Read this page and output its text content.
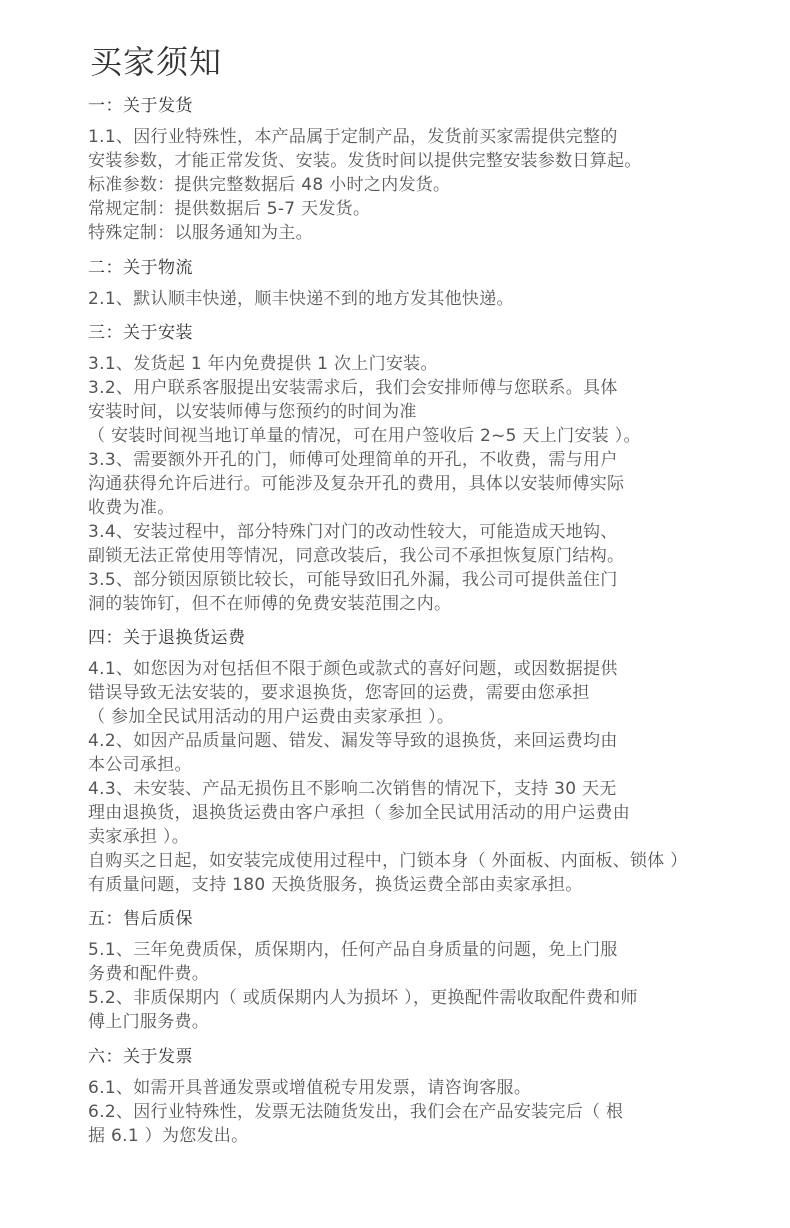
买家须知
一：关于发货
1.1、因行业特殊性，本产品属于定制产品，发货前买家需提供完整的
安装参数，才能正常发货、安装。发货时间以提供完整安装参数日算起。
标准参数：提供完整数据后 48 小时之内发货。
常规定制：提供数据后 5-7 天发货。
特殊定制：以服务通知为主。
二：关于物流
2.1、默认顺丰快递，顺丰快递不到的地方发其他快递。
三：关于安装
3.1、发货起 1 年内免费提供 1 次上门安装。
3.2、用户联系客服提出安装需求后，我们会安排师傅与您联系。具体
安装时间，以安装师傅与您预约的时间为准
（ 安装时间视当地订单量的情况，可在用户签收后 2~5 天上门安装 ）。
3.3、需要额外开孔的门，师傅可处理简单的开孔，不收费，需与用户
沟通获得允许后进行。可能涉及复杂开孔的费用，具体以安装师傅实际
收费为准。
3.4、安装过程中，部分特殊门对门的改动性较大，可能造成天地钩、
副锁无法正常使用等情况，同意改装后，我公司不承担恢复原门结构。
3.5、部分锁因原锁比较长，可能导致旧孔外漏，我公司可提供盖住门
洞的装饰钉，但不在师傅的免费安装范围之内。
四：关于退换货运费
4.1、如您因为对包括但不限于颜色或款式的喜好问题，或因数据提供
错误导致无法安装的，要求退换货，您寄回的运费，需要由您承担
（ 参加全民试用活动的用户运费由卖家承担 ）。
4.2、如因产品质量问题、错发、漏发等导致的退换货，来回运费均由
本公司承担。
4.3、未安装、产品无损伤且不影响二次销售的情况下，支持 30 天无
理由退换货，退换货运费由客户承担（ 参加全民试用活动的用户运费由
卖家承担 ）。
自购买之日起，如安装完成使用过程中，门锁本身（ 外面板、内面板、锁体 ）
有质量问题，支持 180 天换货服务，换货运费全部由卖家承担。
五：售后质保
5.1、三年免费质保，质保期内，任何产品自身质量的问题，免上门服
务费和配件费。
5.2、非质保期内（ 或质保期内人为损坏 ），更换配件需收取配件费和师
傅上门服务费。
六：关于发票
6.1、如需开具普通发票或增值税专用发票，请咨询客服。
6.2、因行业特殊性，发票无法随货发出，我们会在产品安装完后（ 根
据 6.1 ）为您发出。
